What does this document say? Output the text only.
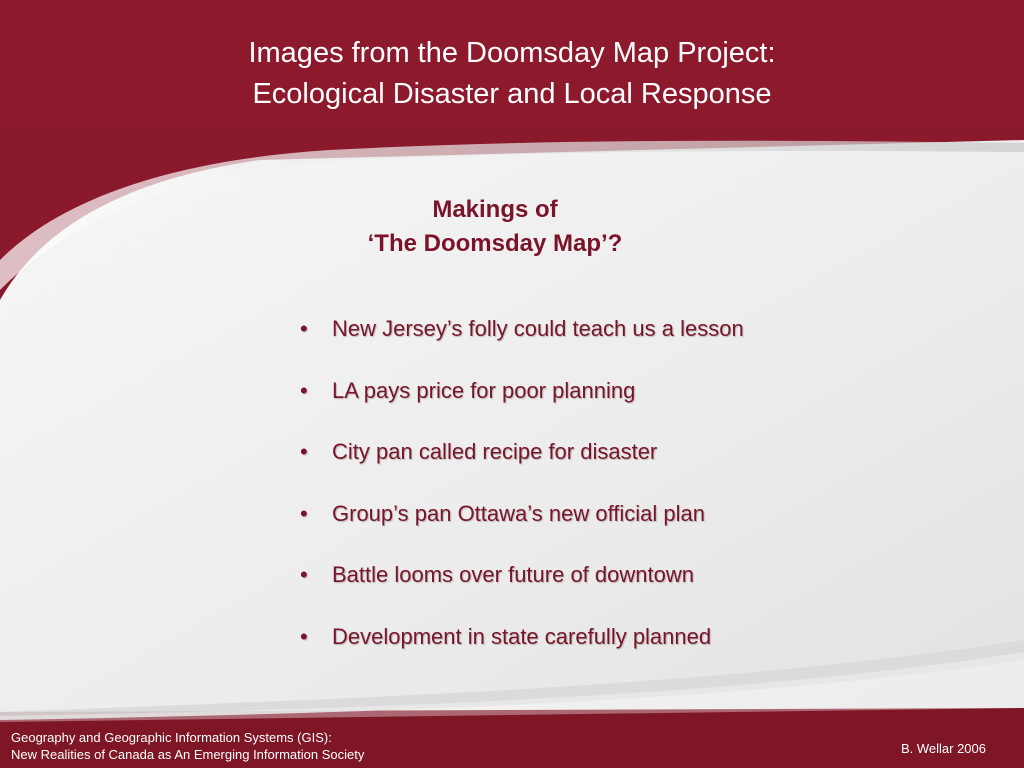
Images from the Doomsday Map Project:
Ecological Disaster and Local Response
Makings of
‘The Doomsday Map’?
• New Jersey’s folly could teach us a lesson
• LA pays price for poor planning
• City pan called recipe for disaster
• Group’s pan Ottawa’s new official plan
• Battle looms over future of downtown
• Development in state carefully planned
Geography and Geographic Information Systems (GIS):
New Realities of Canada as An Emerging Information Society	B. Wellar 2006
